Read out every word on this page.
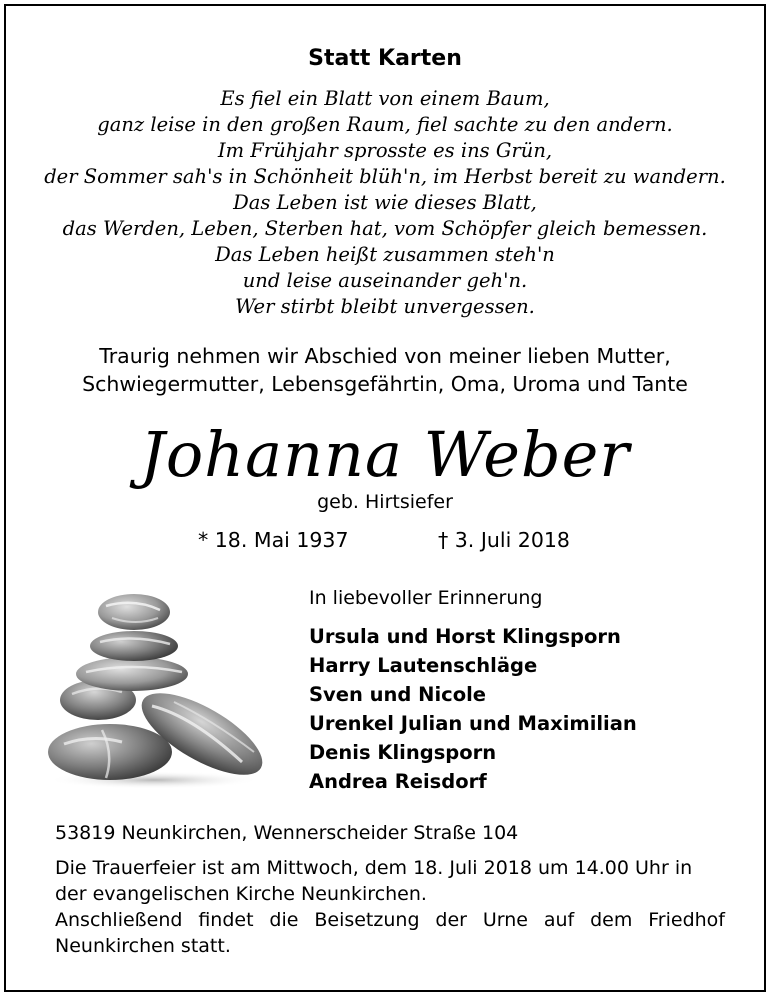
Statt Karten
Es fiel ein Blatt von einem Baum,
ganz leise in den großen Raum, fiel sachte zu den andern.
Im Frühjahr sprosste es ins Grün,
der Sommer sah's in Schönheit blüh'n, im Herbst bereit zu wandern.
Das Leben ist wie dieses Blatt,
das Werden, Leben, Sterben hat, vom Schöpfer gleich bemessen.
Das Leben heißt zusammen steh'n
und leise auseinander geh'n.
Wer stirbt bleibt unvergessen.
Traurig nehmen wir Abschied von meiner lieben Mutter,
Schwiegermutter, Lebensgefährtin, Oma, Uroma und Tante
Johanna Weber
geb. Hirtsiefer
* 18. Mai 1937	† 3. Juli 2018
In liebevoller Erinnerung
Ursula und Horst Klingsporn
Harry Lautenschläge
Sven und Nicole
Urenkel Julian und Maximilian
Denis Klingsporn
Andrea Reisdorf
53819 Neunkirchen, Wennerscheider Straße 104
Die Trauerfeier ist am Mittwoch, dem 18. Juli 2018 um 14.00 Uhr in
der evangelischen Kirche Neunkirchen.
Anschließend findet die Beisetzung der Urne auf dem Friedhof
Neunkirchen statt.
